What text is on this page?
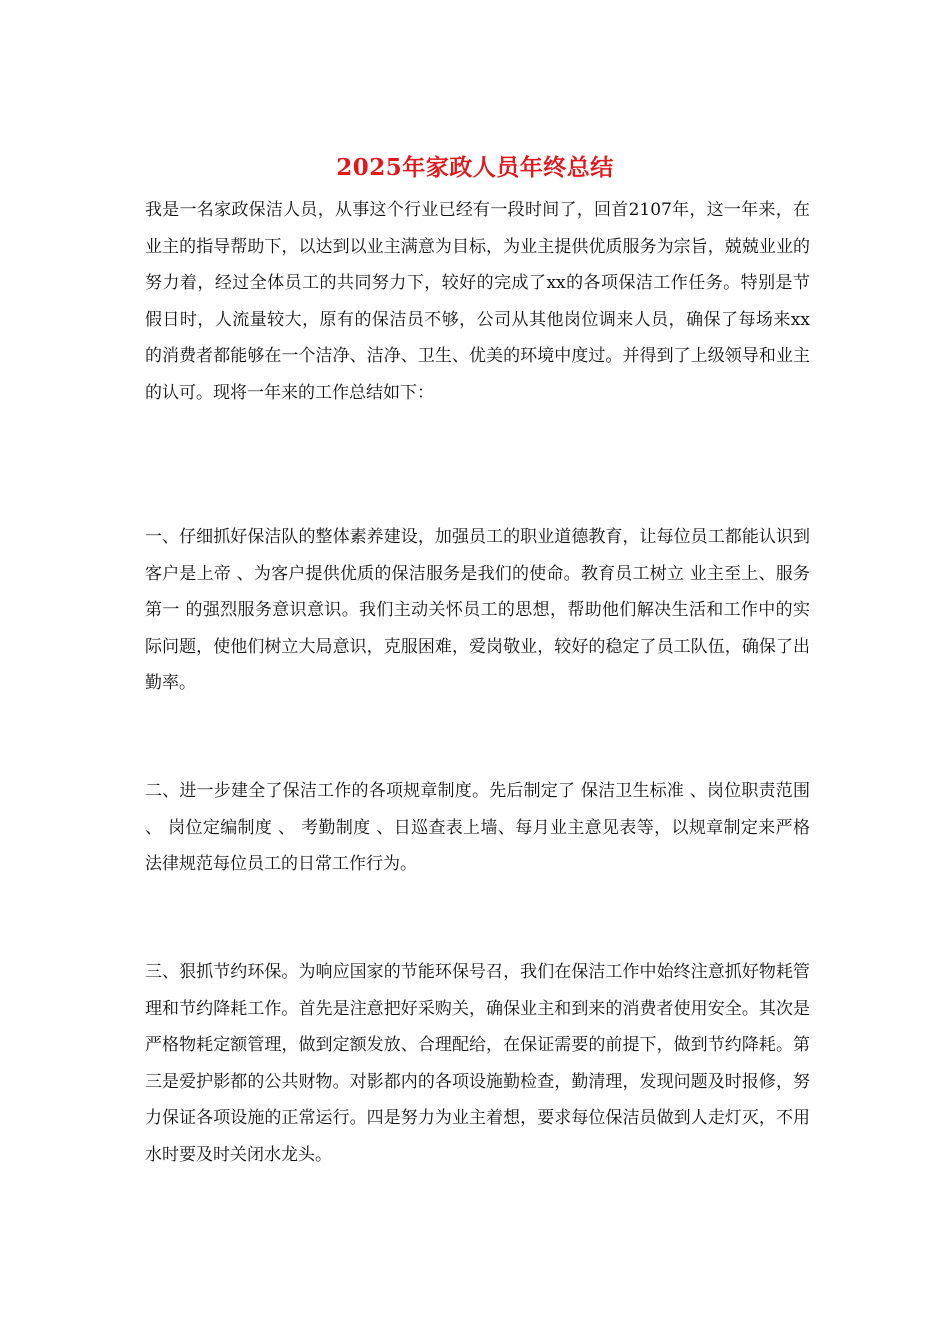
2025年家政人员年终总结

我是一名家政保洁人员，从事这个行业已经有一段时间了，回首2107年，这一年来，在业主的指导帮助下，以达到以业主满意为目标，为业主提供优质服务为宗旨，兢兢业业的努力着，经过全体员工的共同努力下，较好的完成了xx的各项保洁工作任务。特别是节假日时，人流量较大，原有的保洁员不够，公司从其他岗位调来人员，确保了每场来xx的消费者都能够在一个洁净、洁净、卫生、优美的环境中度过。并得到了上级领导和业主的认可。现将一年来的工作总结如下：

一、仔细抓好保洁队的整体素养建设，加强员工的职业道德教育，让每位员工都能认识到 客户是上帝 、为客户提供优质的保洁服务是我们的使命。教育员工树立 业主至上、服务第一 的强烈服务意识意识。我们主动关怀员工的思想，帮助他们解决生活和工作中的实际问题，使他们树立大局意识，克服困难，爱岗敬业，较好的稳定了员工队伍，确保了出勤率。

二、进一步建全了保洁工作的各项规章制度。先后制定了 保洁卫生标准 、岗位职责范围 、 岗位定编制度 、 考勤制度 、日巡查表上墙、每月业主意见表等，以规章制定来严格法律规范每位员工的日常工作行为。

三、狠抓节约环保。为响应国家的节能环保号召，我们在保洁工作中始终注意抓好物耗管理和节约降耗工作。首先是注意把好采购关，确保业主和到来的消费者使用安全。其次是严格物耗定额管理，做到定额发放、合理配给，在保证需要的前提下，做到节约降耗。第三是爱护影都的公共财物。对影都内的各项设施勤检查，勤清理，发现问题及时报修，努力保证各项设施的正常运行。四是努力为业主着想，要求每位保洁员做到人走灯灭，不用水时要及时关闭水龙头。
